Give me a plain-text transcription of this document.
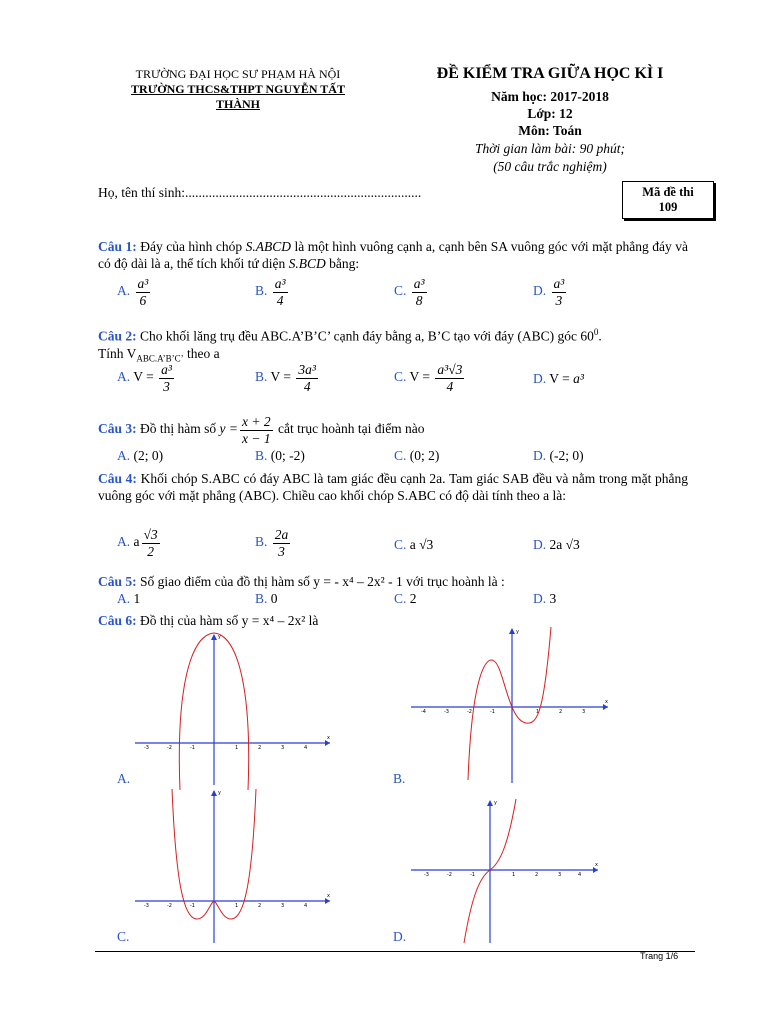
TRƯỜNG ĐẠI HỌC SƯ PHẠM HÀ NỘI
TRƯỜNG THCS&THPT NGUYỄN TẤT THÀNH
ĐỀ KIỂM TRA GIỮA HỌC KÌ I
Năm học: 2017-2018
Lớp: 12
Môn: Toán
Thời gian làm bài: 90 phút;
(50 câu trắc nghiệm)
Họ, tên thí sinh:......................................................................	Mã đề thi
109
Câu 1: Đáy của hình chóp S.ABCD là một hình vuông cạnh a, cạnh bên SA vuông góc với mặt phẳng đáy và có độ dài là a, thể tích khối tứ diện S.BCD bằng:
A. $\frac{\text{a³}}{6}$	B. $\frac{\text{a³}}{4}$	C. $\frac{\text{a³}}{8}$	D. $\frac{\text{a³}}{3}$
Câu 2: Cho khối lăng trụ đều ABC.A’B’C’ cạnh đáy bằng a, B’C tạo với đáy (ABC) góc $60^0$.
Tính $V_{ABC.A’B’C’}$ theo a
A. $V = \frac{\text{a³}}{3}$	B. $V = \frac{\text{3a³}}{4}$	C. $V = \frac{\text{a³√3}}{4}$	D. V = a³
Câu 3: Đồ thị hàm số $y = \frac{x + 2}{x - 1}$ cắt trục hoành tại điểm nào
A. (2; 0)	B. (0; -2)	C. (0; 2)	D. (-2; 0)
Câu 4: Khối chóp S.ABC có đáy ABC là tam giác đều cạnh 2a. Tam giác SAB đều và nằm trong mặt phẳng vuông góc với mặt phẳng (ABC). Chiều cao khối chóp S.ABC có độ dài tính theo a là:
A. a $\frac{√3}{2}$	B. $\frac{2a}{3}$	C. a √3	D. 2a √3
Câu 5: Số giao điểm của đồ thị hàm số y = - x⁴ – 2x² - 1 với trục hoành là :
A. 1	B. 0	C. 2	D. 3
Câu 6: Đồ thị của hàm số y = x⁴ – 2x² là
A.
x
y
-3	-2	-1	1	2	3	4
B.
x
y
-4	-3	-2	-1	1	2	3
C.
x
y
-3	-2	-1	1	2	3	4
D.
x
y
-3	-2	-1	1	2	3	4
Trang 1/6
